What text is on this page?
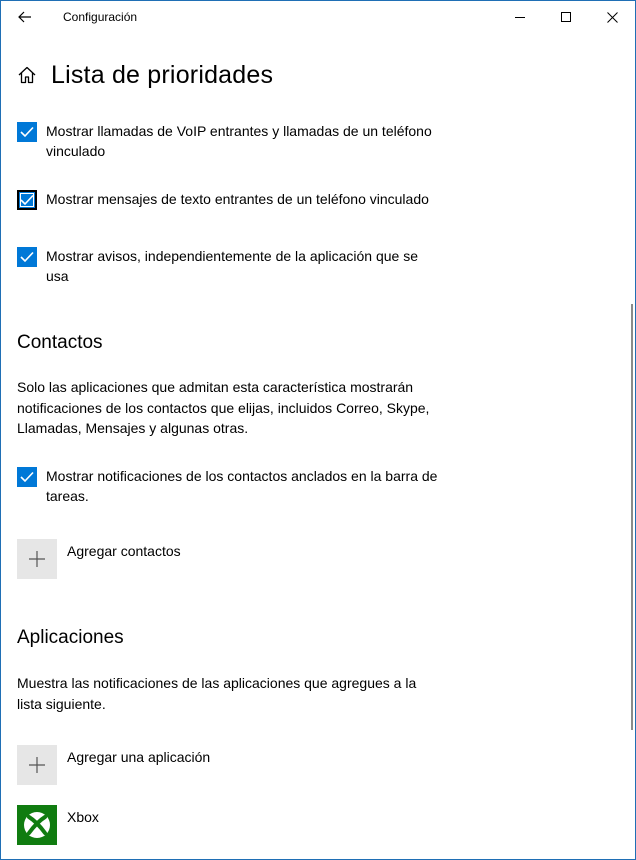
Configuración
Lista de prioridades
Mostrar llamadas de VoIP entrantes y llamadas de un teléfono
vinculado
Mostrar mensajes de texto entrantes de un teléfono vinculado
Mostrar avisos, independientemente de la aplicación que se
usa
Contactos
Solo las aplicaciones que admitan esta característica mostrarán
notificaciones de los contactos que elijas, incluidos Correo, Skype,
Llamadas, Mensajes y algunas otras.
Mostrar notificaciones de los contactos anclados en la barra de
tareas.
Agregar contactos
Aplicaciones
Muestra las notificaciones de las aplicaciones que agregues a la
lista siguiente.
Agregar una aplicación
Xbox
